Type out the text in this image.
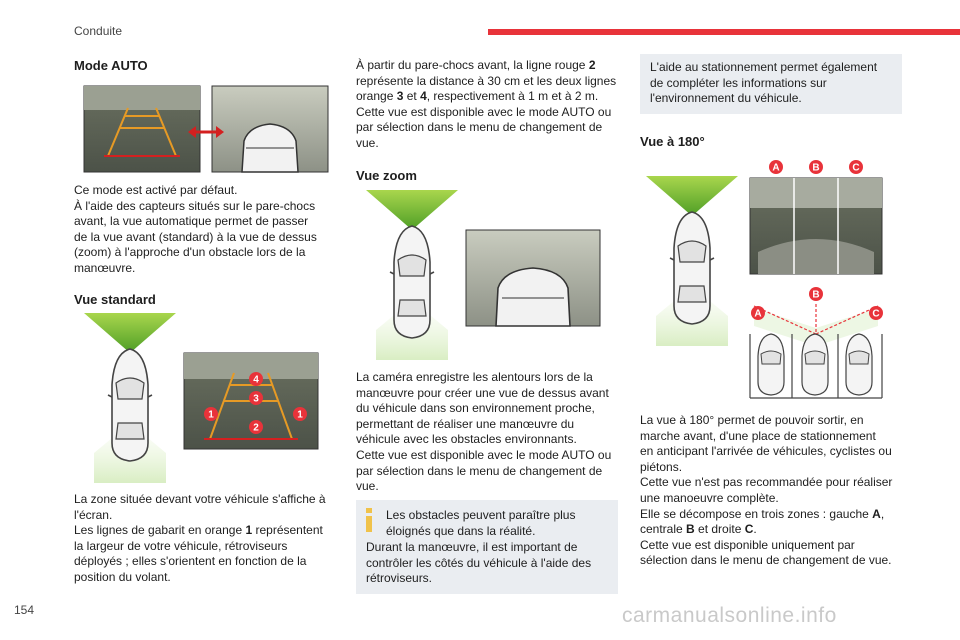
Conduite
154	carmanualsonline.info
Mode AUTO
Ce mode est activé par défaut.
À l'aide des capteurs situés sur le pare-chocs
avant, la vue automatique permet de passer
de la vue avant (standard) à la vue de dessus
(zoom) à l'approche d'un obstacle lors de la
manœuvre.
Vue standard
4
3
1	1
2
La zone située devant votre véhicule s'affiche à
l'écran.
Les lignes de gabarit en orange 1 représentent
la largeur de votre véhicule, rétroviseurs
déployés ; elles s'orientent en fonction de la
position du volant.
À partir du pare-chocs avant, la ligne rouge 2
représente la distance à 30 cm et les deux lignes
orange 3 et 4, respectivement à 1 m et à 2 m.
Cette vue est disponible avec le mode AUTO ou
par sélection dans le menu de changement de
vue.
Vue zoom
La caméra enregistre les alentours lors de la
manœuvre pour créer une vue de dessus avant
du véhicule dans son environnement proche,
permettant de réaliser une manœuvre du
véhicule avec les obstacles environnants.
Cette vue est disponible avec le mode AUTO ou
par sélection dans le menu de changement de
vue.
Les obstacles peuvent paraître plus
éloignés que dans la réalité.
Durant la manœuvre, il est important de
contrôler les côtés du véhicule à l'aide des
rétroviseurs.
L'aide au stationnement permet également
de compléter les informations sur
l'environnement du véhicule.
Vue à 180°
A	B	C
B
A	C
La vue à 180° permet de pouvoir sortir, en
marche avant, d'une place de stationnement
en anticipant l'arrivée de véhicules, cyclistes ou
piétons.
Cette vue n'est pas recommandée pour réaliser
une manoeuvre complète.
Elle se décompose en trois zones : gauche A,
centrale B et droite C.
Cette vue est disponible uniquement par
sélection dans le menu de changement de vue.
